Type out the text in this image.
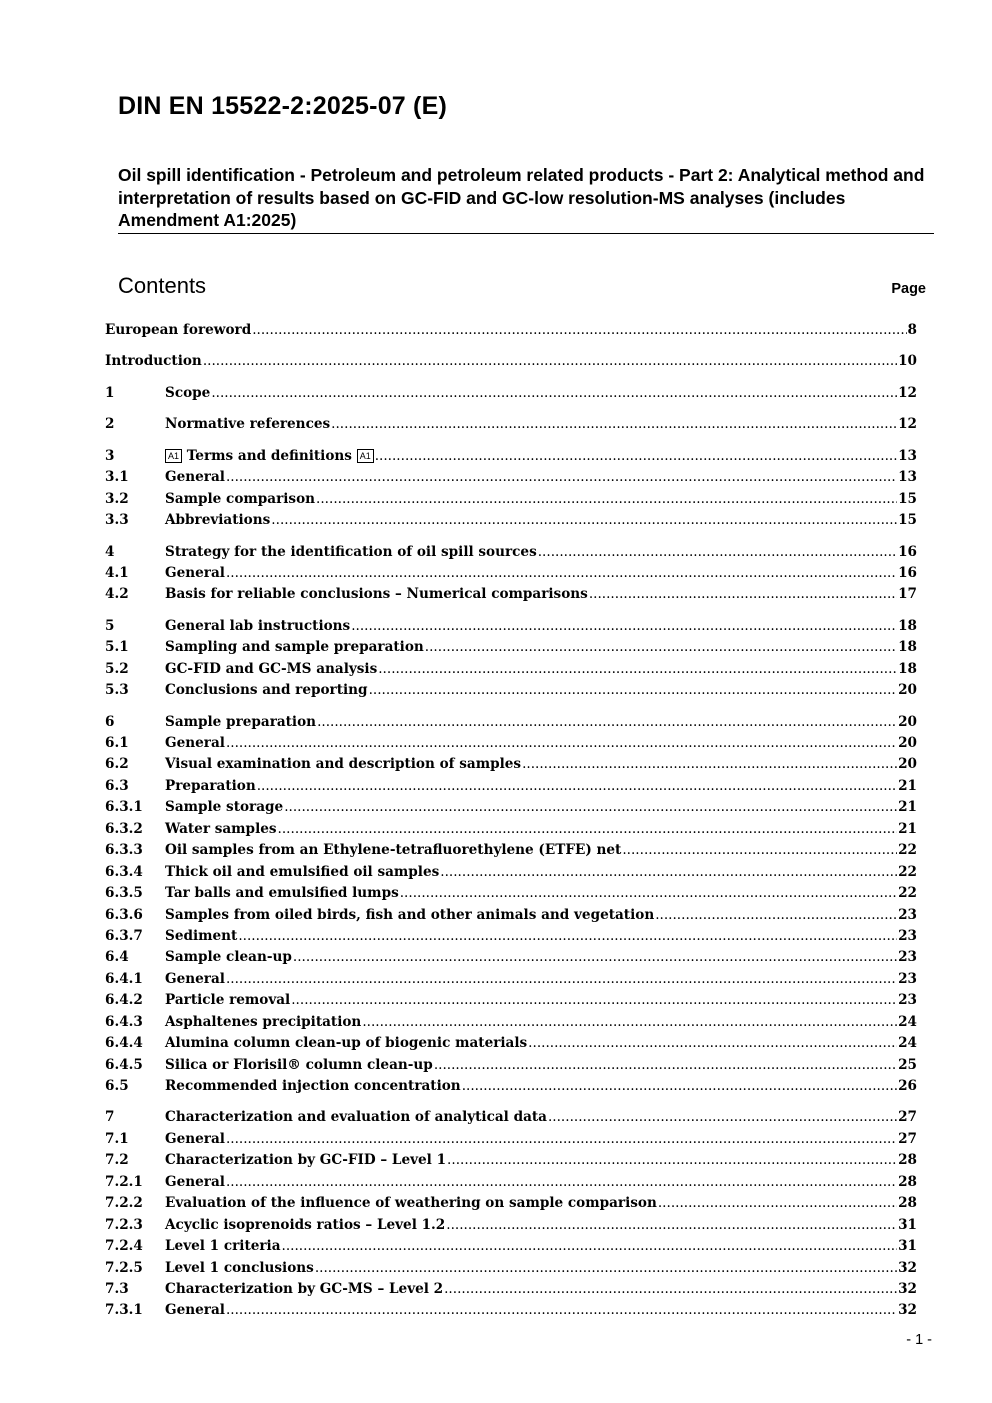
DIN EN 15522-2:2025-07 (E)
Oil spill identification - Petroleum and petroleum related products - Part 2: Analytical method and interpretation of results based on GC-FID and GC-low resolution-MS analyses (includes Amendment A1:2025)
Contents	Page
European foreword .....	8
Introduction .....	10
1	Scope .....	12
2	Normative references .....	12
3	A1 Terms and definitions A1 .....	13
3.1	General .....	13
3.2	Sample comparison .....	15
3.3	Abbreviations .....	15
4	Strategy for the identification of oil spill sources .....	16
4.1	General .....	16
4.2	Basis for reliable conclusions – Numerical comparisons .....	17
5	General lab instructions .....	18
5.1	Sampling and sample preparation .....	18
5.2	GC-FID and GC-MS analysis .....	18
5.3	Conclusions and reporting .....	20
6	Sample preparation .....	20
6.1	General .....	20
6.2	Visual examination and description of samples .....	20
6.3	Preparation .....	21
6.3.1	Sample storage .....	21
6.3.2	Water samples .....	21
6.3.3	Oil samples from an Ethylene-tetrafluorethylene (ETFE) net .....	22
6.3.4	Thick oil and emulsified oil samples .....	22
6.3.5	Tar balls and emulsified lumps .....	22
6.3.6	Samples from oiled birds, fish and other animals and vegetation .....	23
6.3.7	Sediment .....	23
6.4	Sample clean-up .....	23
6.4.1	General .....	23
6.4.2	Particle removal .....	23
6.4.3	Asphaltenes precipitation .....	24
6.4.4	Alumina column clean-up of biogenic materials .....	24
6.4.5	Silica or Florisil® column clean-up .....	25
6.5	Recommended injection concentration .....	26
7	Characterization and evaluation of analytical data .....	27
7.1	General .....	27
7.2	Characterization by GC-FID – Level 1 .....	28
7.2.1	General .....	28
7.2.2	Evaluation of the influence of weathering on sample comparison .....	28
7.2.3	Acyclic isoprenoids ratios – Level 1.2 .....	31
7.2.4	Level 1 criteria .....	31
7.2.5	Level 1 conclusions .....	32
7.3	Characterization by GC-MS – Level 2 .....	32
7.3.1	General .....	32
- 1 -
